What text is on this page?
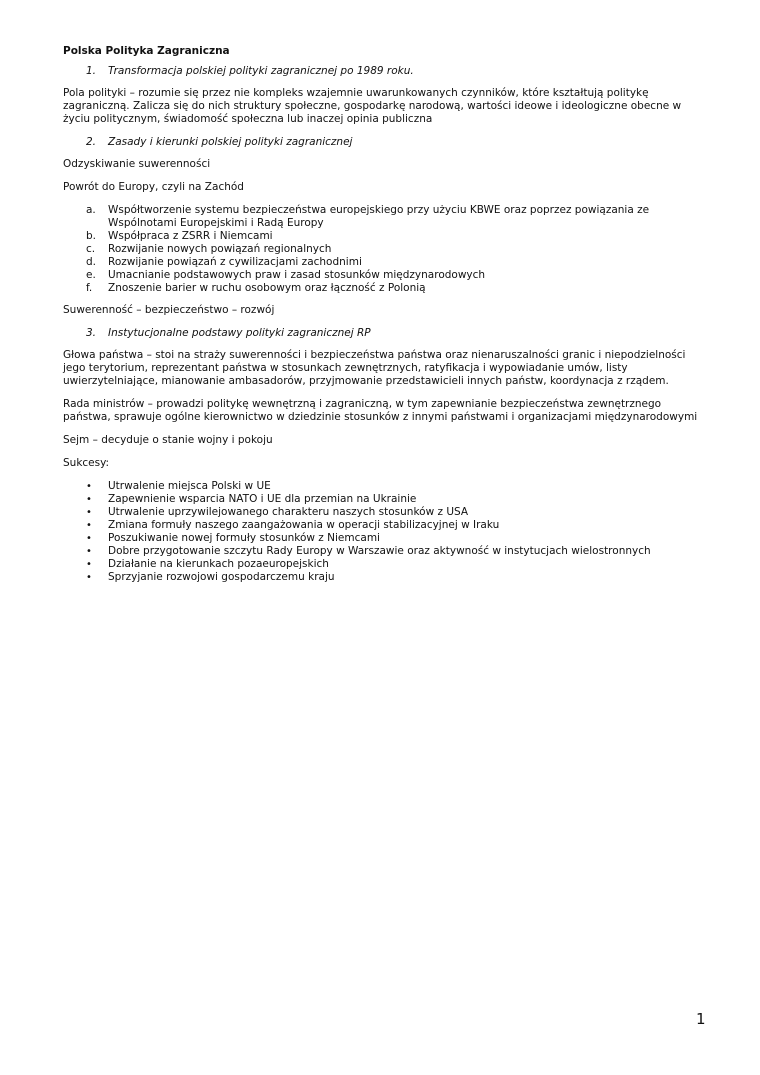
Polska Polityka Zagraniczna
1.	Transformacja polskiej polityki zagranicznej po 1989 roku.

Pola polityki – rozumie się przez nie kompleks wzajemnie uwarunkowanych czynników, które kształtują politykę zagraniczną. Zalicza się do nich struktury społeczne, gospodarkę narodową, wartości ideowe i ideologiczne obecne w życiu politycznym, świadomość społeczna lub inaczej opinia publiczna

2.	Zasady i kierunki polskiej polityki zagranicznej

Odzyskiwanie suwerenności

Powrót do Europy, czyli na Zachód

a.	Współtworzenie systemu bezpieczeństwa europejskiego przy użyciu KBWE oraz poprzez powiązania ze Wspólnotami Europejskimi i Radą Europy
b.	Współpraca z ZSRR i Niemcami
c.	Rozwijanie nowych powiązań regionalnych
d.	Rozwijanie powiązań z cywilizacjami zachodnimi
e.	Umacnianie podstawowych praw i zasad stosunków międzynarodowych
f.	Znoszenie barier w ruchu osobowym oraz łączność z Polonią

Suwerenność – bezpieczeństwo – rozwój

3.	Instytucjonalne podstawy polityki zagranicznej RP

Głowa państwa – stoi na straży suwerenności i bezpieczeństwa państwa oraz nienaruszalności granic i niepodzielności jego terytorium, reprezentant państwa w stosunkach zewnętrznych, ratyfikacja i wypowiadanie umów, listy uwierzytelniające, mianowanie ambasadorów, przyjmowanie przedstawicieli innych państw, koordynacja z rządem.

Rada ministrów – prowadzi politykę wewnętrzną i zagraniczną, w tym zapewnianie bezpieczeństwa zewnętrznego państwa, sprawuje ogólne kierownictwo w dziedzinie stosunków z innymi państwami i organizacjami międzynarodowymi

Sejm – decyduje o stanie wojny i pokoju

Sukcesy:

•	Utrwalenie miejsca Polski w UE
•	Zapewnienie wsparcia NATO i UE dla przemian na Ukrainie
•	Utrwalenie uprzywilejowanego charakteru naszych stosunków z USA
•	Zmiana formuły naszego zaangażowania w operacji stabilizacyjnej w Iraku
•	Poszukiwanie nowej formuły stosunków z Niemcami
•	Dobre przygotowanie szczytu Rady Europy w Warszawie oraz aktywność w instytucjach wielostronnych
•	Działanie na kierunkach pozaeuropejskich
•	Sprzyjanie rozwojowi gospodarczemu kraju
1
